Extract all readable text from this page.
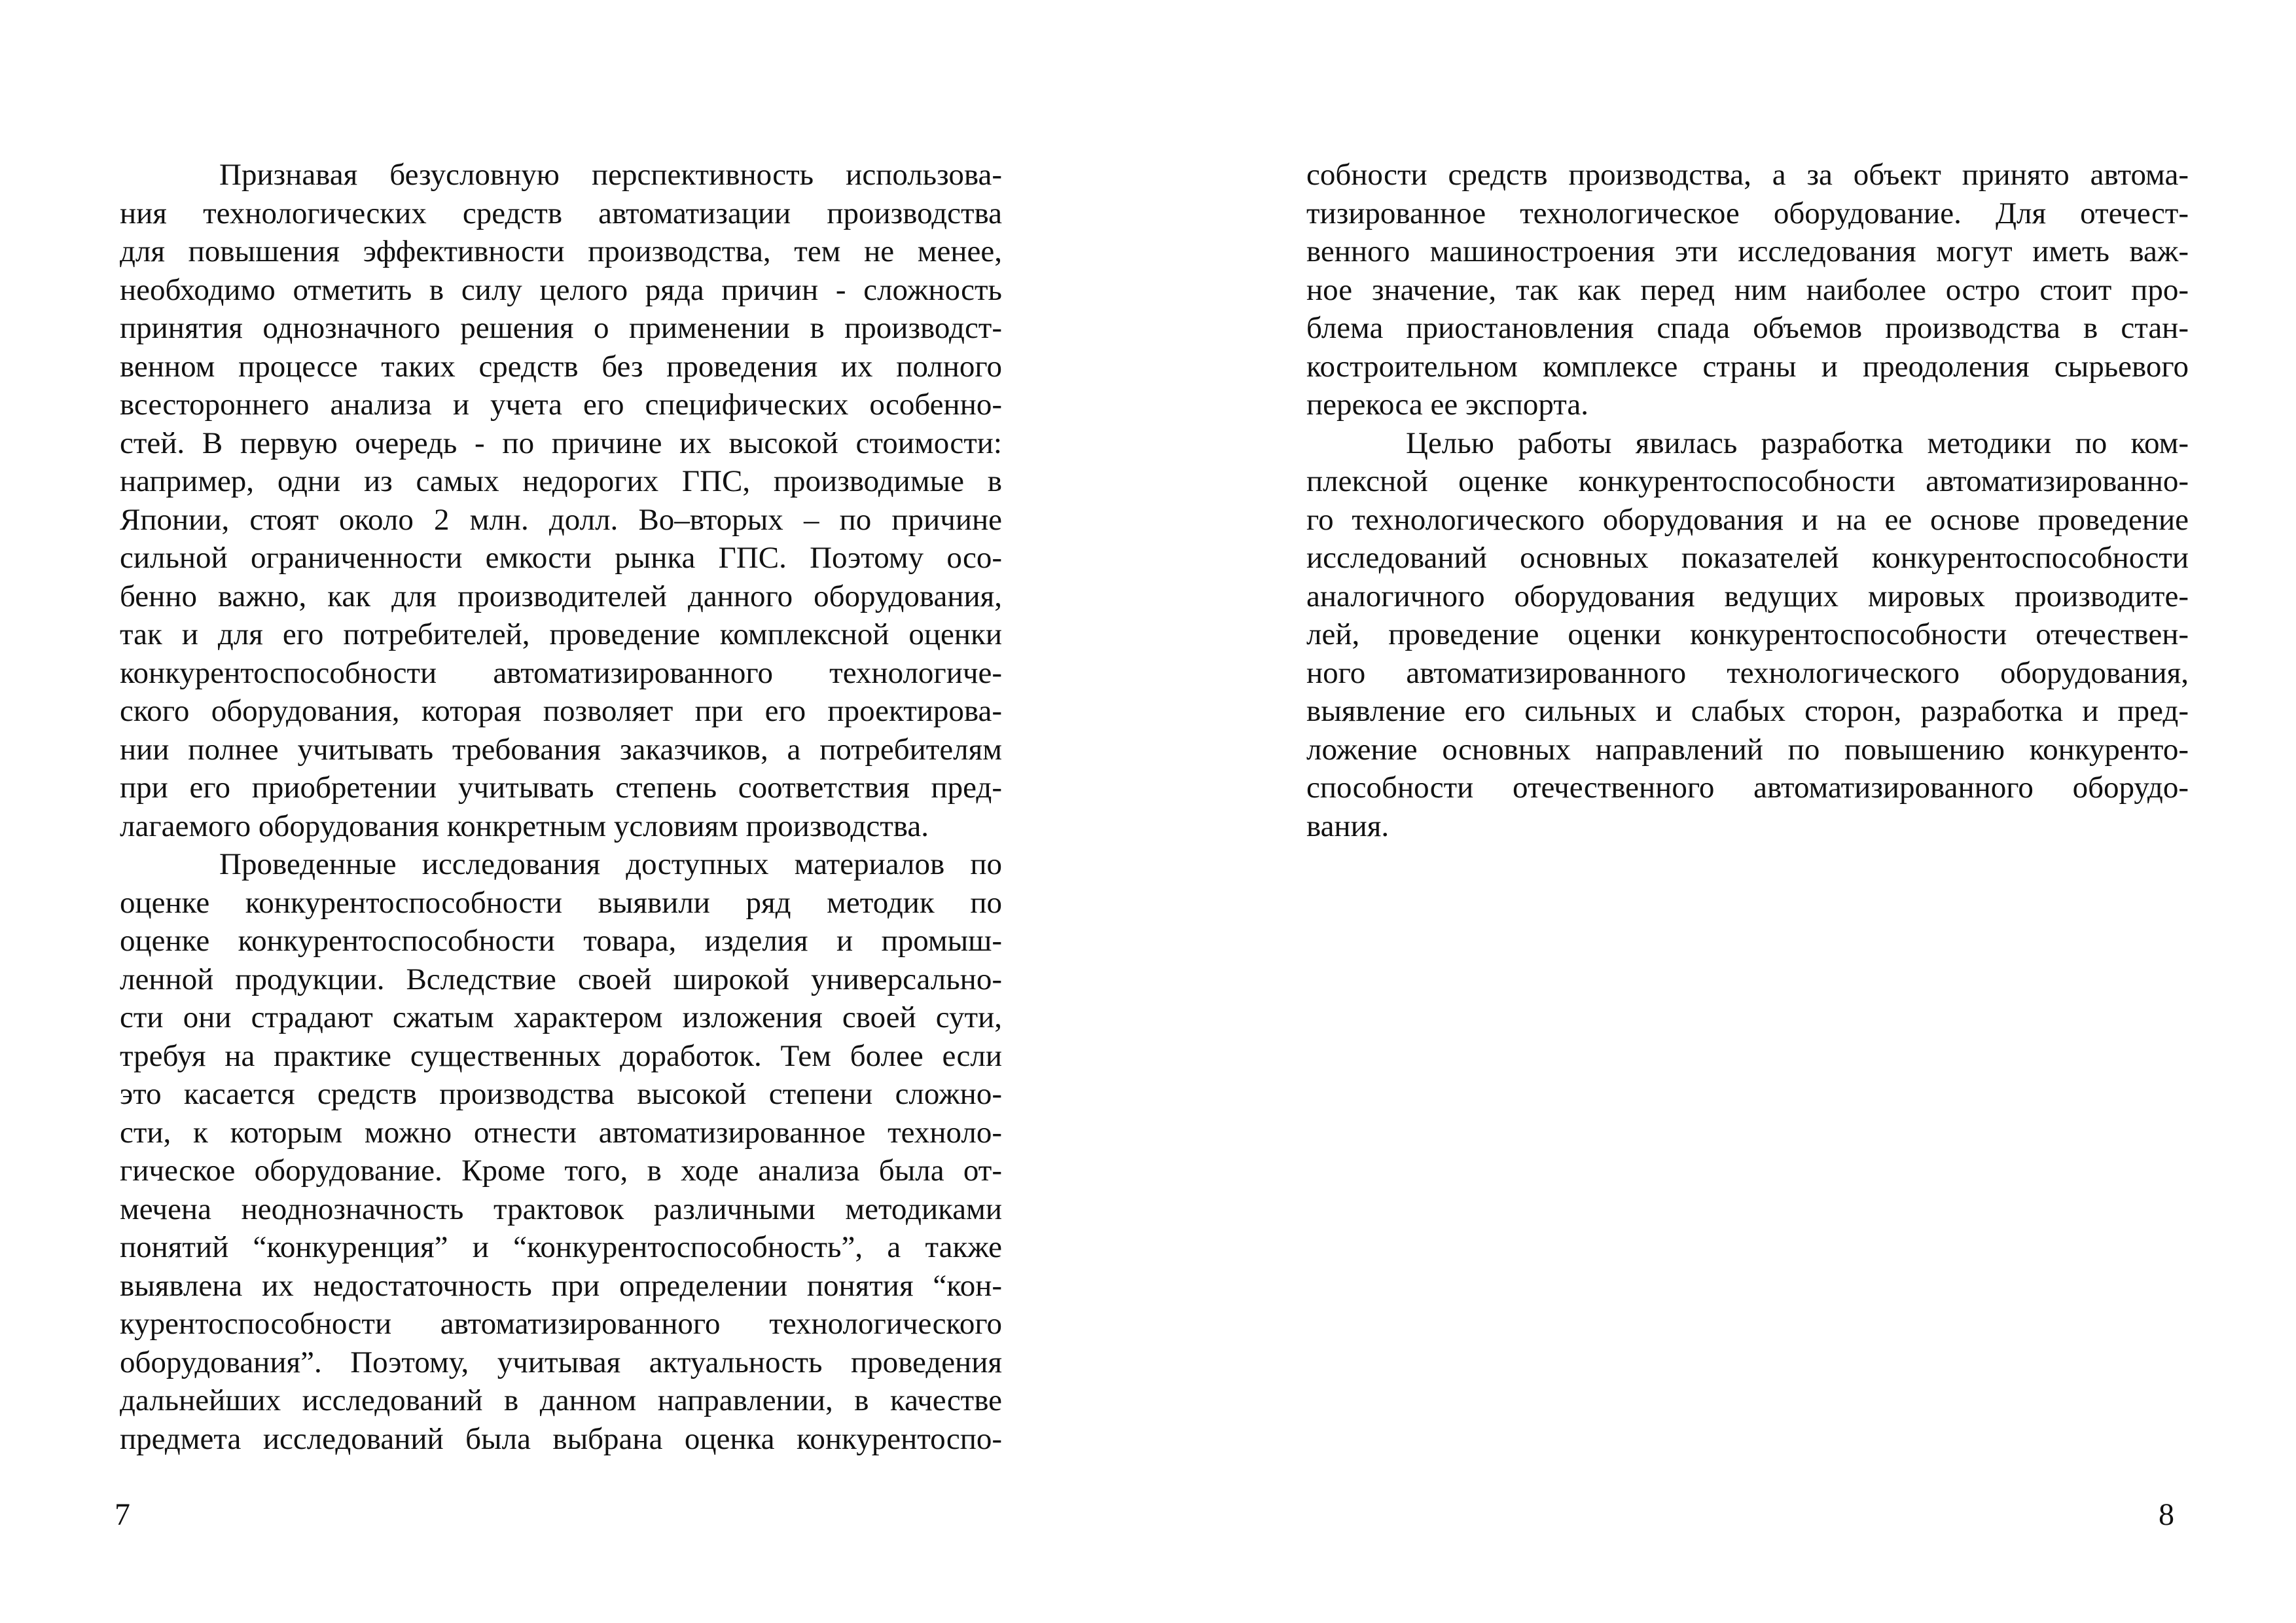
Признавая безусловную перспективность использова-
ния технологических средств автоматизации производства
для повышения эффективности производства, тем не менее,
необходимо отметить в силу целого ряда причин - сложность
принятия однозначного решения о применении в производст-
венном процессе таких средств без проведения их полного
всестороннего анализа и учета его специфических особенно-
стей. В первую очередь - по причине их высокой стоимости:
например, одни из самых недорогих ГПС, производимые в
Японии, стоят около 2 млн. долл. Во–вторых – по причине
сильной ограниченности емкости рынка ГПС. Поэтому осо-
бенно важно, как для производителей данного оборудования,
так и для его потребителей, проведение комплексной оценки
конкурентоспособности автоматизированного технологиче-
ского оборудования, которая позволяет при его проектирова-
нии полнее учитывать требования заказчиков, а потребителям
при его приобретении учитывать степень соответствия пред-
лагаемого оборудования конкретным условиям производства.
Проведенные исследования доступных материалов по
оценке конкурентоспособности выявили ряд методик по
оценке конкурентоспособности товара, изделия и промыш-
ленной продукции. Вследствие своей широкой универсально-
сти они страдают сжатым характером изложения своей сути,
требуя на практике существенных доработок. Тем более если
это касается средств производства высокой степени сложно-
сти, к которым можно отнести автоматизированное техноло-
гическое оборудование. Кроме того, в ходе анализа была от-
мечена неоднозначность трактовок различными методиками
понятий “конкуренция” и “конкурентоспособность”, а также
выявлена их недостаточность при определении понятия “кон-
курентоспособности автоматизированного технологического
оборудования”. Поэтому, учитывая актуальность проведения
дальнейших исследований в данном направлении, в качестве
предмета исследований была выбрана оценка конкурентоспо-
7
собности средств производства, а за объект принято автома-
тизированное технологическое оборудование. Для отечест-
венного машиностроения эти исследования могут иметь важ-
ное значение, так как перед ним наиболее остро стоит про-
блема приостановления спада объемов производства в стан-
костроительном комплексе страны и преодоления сырьевого
перекоса ее экспорта.
Целью работы явилась разработка методики по ком-
плексной оценке конкурентоспособности автоматизированно-
го технологического оборудования и на ее основе проведение
исследований основных показателей конкурентоспособности
аналогичного оборудования ведущих мировых производите-
лей, проведение оценки конкурентоспособности отечествен-
ного автоматизированного технологического оборудования,
выявление его сильных и слабых сторон, разработка и пред-
ложение основных направлений по повышению конкуренто-
способности отечественного автоматизированного оборудо-
вания.
8
